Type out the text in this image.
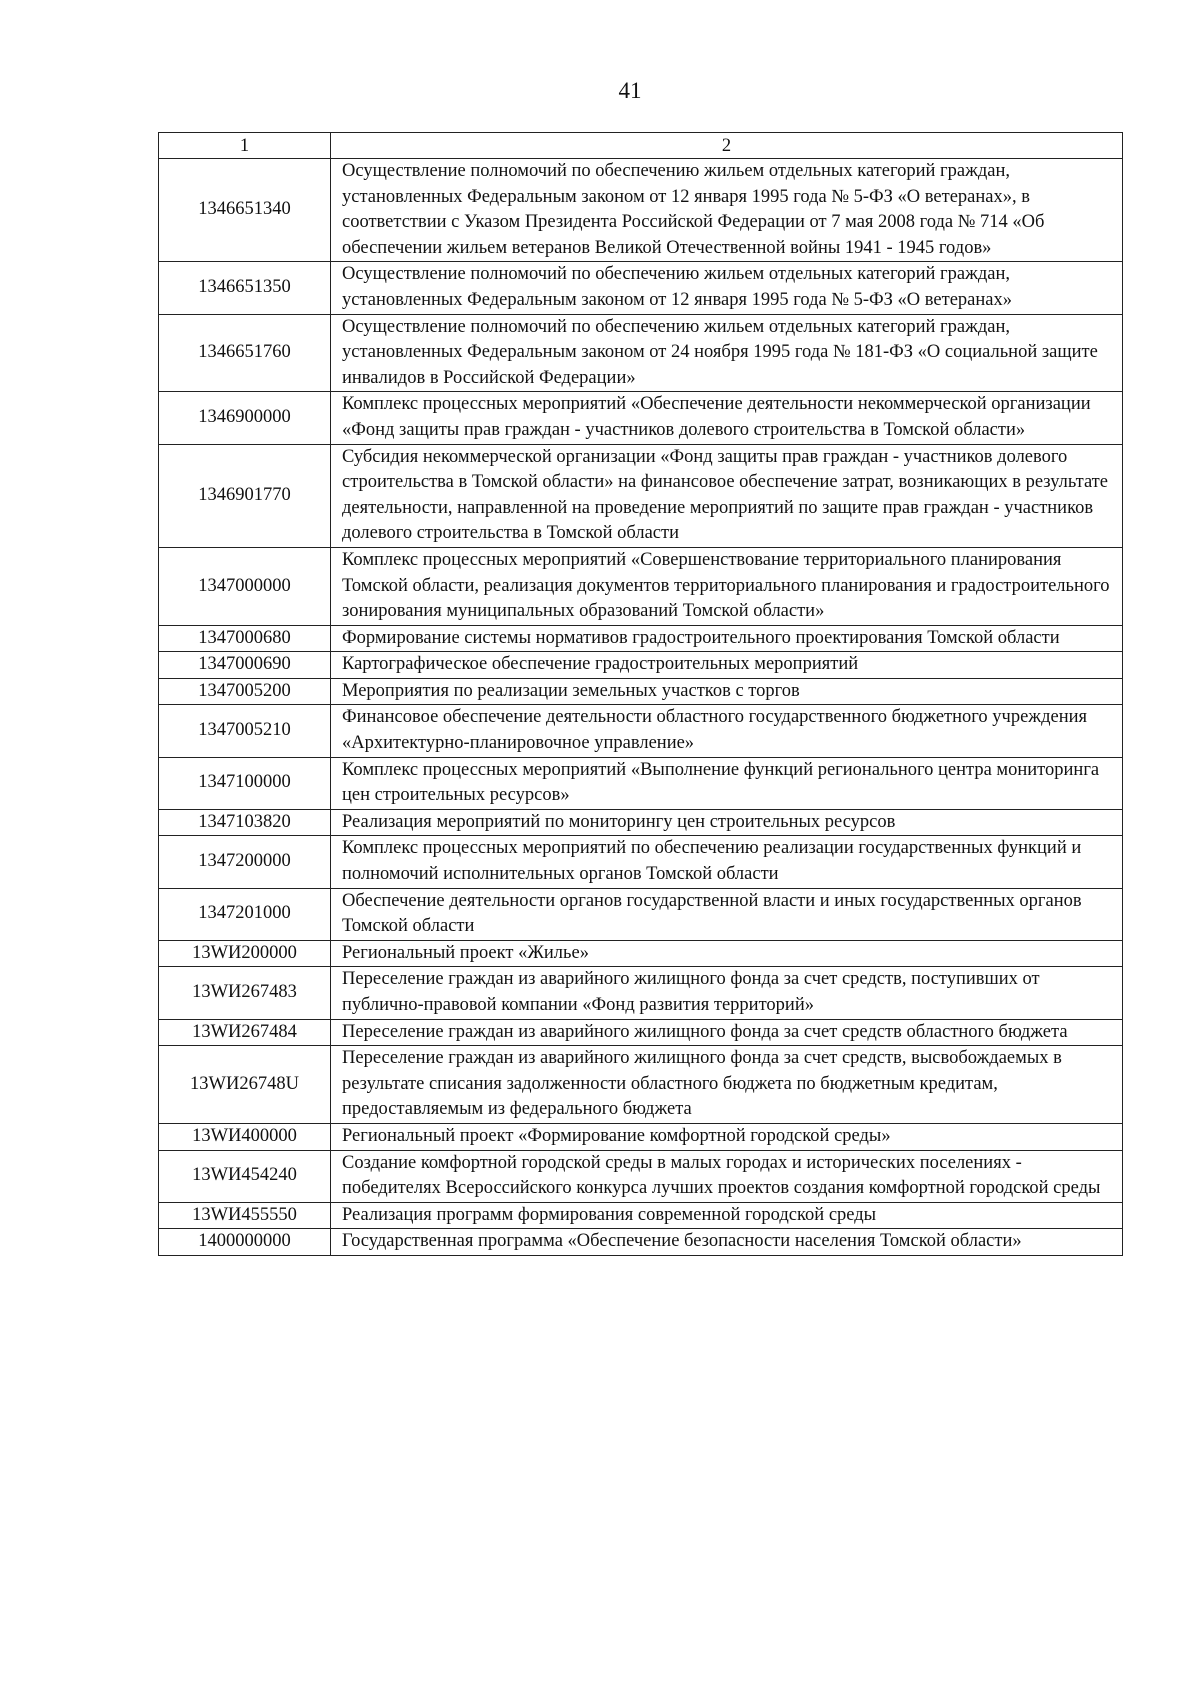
41
1	2
1346651340	Осуществление полномочий по обеспечению жильем отдельных категорий граждан, установленных Федеральным законом от 12 января 1995 года № 5-ФЗ «О ветеранах», в соответствии с Указом Президента Российской Федерации от 7 мая 2008 года № 714 «Об обеспечении жильем ветеранов Великой Отечественной войны 1941 - 1945 годов»
1346651350	Осуществление полномочий по обеспечению жильем отдельных категорий граждан, установленных Федеральным законом от 12 января 1995 года № 5-ФЗ «О ветеранах»
1346651760	Осуществление полномочий по обеспечению жильем отдельных категорий граждан, установленных Федеральным законом от 24 ноября 1995 года № 181-ФЗ «О социальной защите инвалидов в Российской Федерации»
1346900000	Комплекс процессных мероприятий «Обеспечение деятельности некоммерческой организации «Фонд защиты прав граждан - участников долевого строительства в Томской области»
1346901770	Субсидия некоммерческой организации «Фонд защиты прав граждан - участников долевого строительства в Томской области» на финансовое обеспечение затрат, возникающих в результате деятельности, направленной на проведение мероприятий по защите прав граждан - участников долевого строительства в Томской области
1347000000	Комплекс процессных мероприятий «Совершенствование территориального планирования Томской области, реализация документов территориального планирования и градостроительного зонирования муниципальных образований Томской области»
1347000680	Формирование системы нормативов градостроительного проектирования Томской области
1347000690	Картографическое обеспечение градостроительных мероприятий
1347005200	Мероприятия по реализации земельных участков с торгов
1347005210	Финансовое обеспечение деятельности областного государственного бюджетного учреждения «Архитектурно-планировочное управление»
1347100000	Комплекс процессных мероприятий «Выполнение функций регионального центра мониторинга цен строительных ресурсов»
1347103820	Реализация мероприятий по мониторингу цен строительных ресурсов
1347200000	Комплекс процессных мероприятий по обеспечению реализации государственных функций и полномочий исполнительных органов Томской области
1347201000	Обеспечение деятельности органов государственной власти и иных государственных органов Томской области
13WИ200000	Региональный проект «Жилье»
13WИ267483	Переселение граждан из аварийного жилищного фонда за счет средств, поступивших от публично-правовой компании «Фонд развития территорий»
13WИ267484	Переселение граждан из аварийного жилищного фонда за счет средств областного бюджета
13WИ26748U	Переселение граждан из аварийного жилищного фонда за счет средств, высвобождаемых в результате списания задолженности областного бюджета по бюджетным кредитам, предоставляемым из федерального бюджета
13WИ400000	Региональный проект «Формирование комфортной городской среды»
13WИ454240	Создание комфортной городской среды в малых городах и исторических поселениях - победителях Всероссийского конкурса лучших проектов создания комфортной городской среды
13WИ455550	Реализация программ формирования современной городской среды
1400000000	Государственная программа «Обеспечение безопасности населения Томской области»
